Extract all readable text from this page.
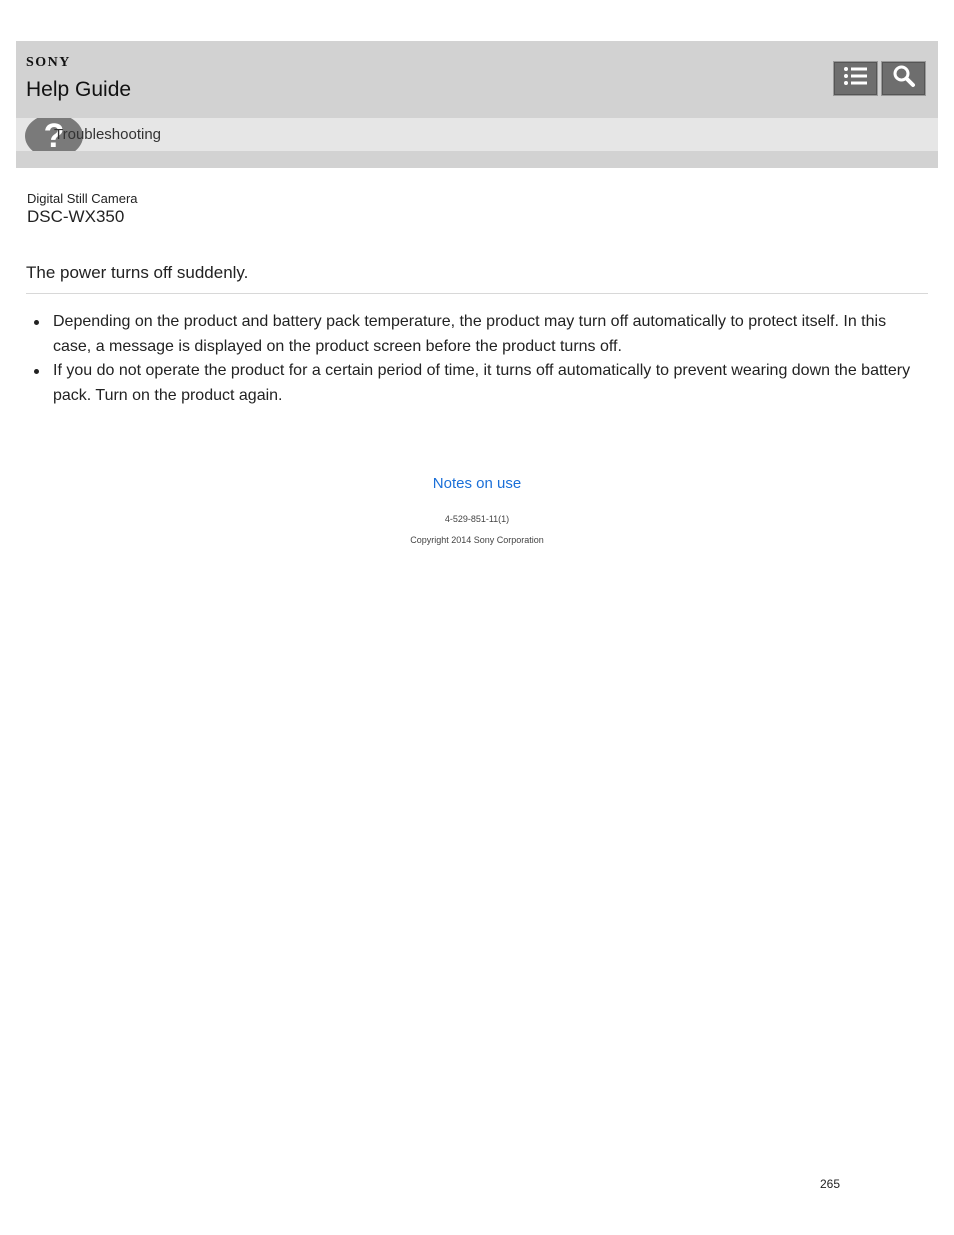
SONY
Help Guide
?
Troubleshooting
Digital Still Camera
DSC-WX350
The power turns off suddenly.
Depending on the product and battery pack temperature, the product may turn off automatically to protect itself. In this case, a message is displayed on the product screen before the product turns off.
If you do not operate the product for a certain period of time, it turns off automatically to prevent wearing down the battery pack. Turn on the product again.
Notes on use
4-529-851-11(1)
Copyright 2014 Sony Corporation
265
